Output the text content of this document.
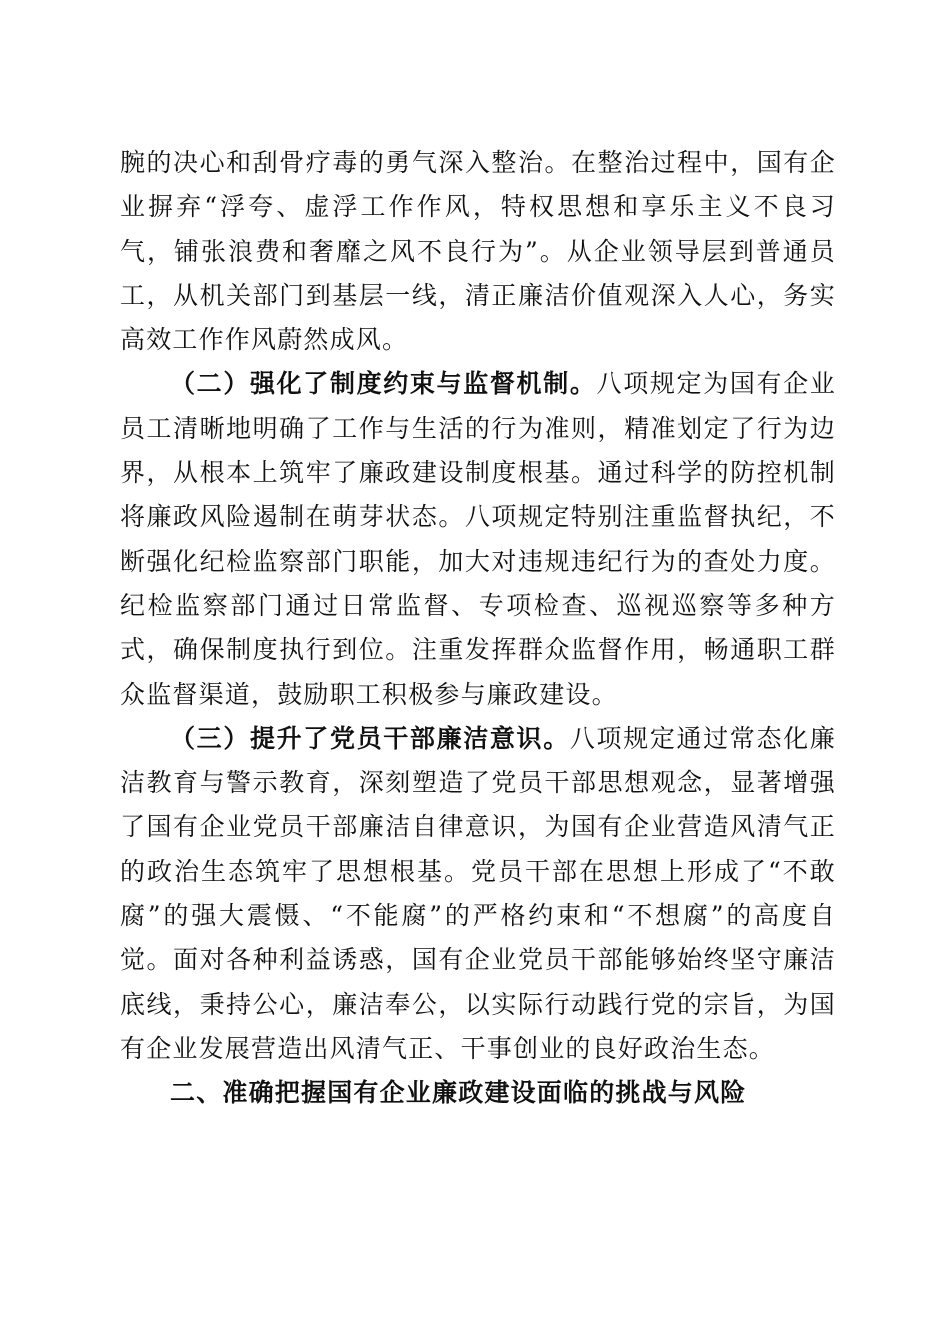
腕的决心和刮骨疗毒的勇气深入整治。在整治过程中，国有企业摒弃“浮夸、虚浮工作作风，特权思想和享乐主义不良习气，铺张浪费和奢靡之风不良行为”。从企业领导层到普通员工，从机关部门到基层一线，清正廉洁价值观深入人心，务实高效工作作风蔚然成风。

（二）强化了制度约束与监督机制。八项规定为国有企业员工清晰地明确了工作与生活的行为准则，精准划定了行为边界，从根本上筑牢了廉政建设制度根基。通过科学的防控机制将廉政风险遏制在萌芽状态。八项规定特别注重监督执纪，不断强化纪检监察部门职能，加大对违规违纪行为的查处力度。纪检监察部门通过日常监督、专项检查、巡视巡察等多种方式，确保制度执行到位。注重发挥群众监督作用，畅通职工群众监督渠道，鼓励职工积极参与廉政建设。

（三）提升了党员干部廉洁意识。八项规定通过常态化廉洁教育与警示教育，深刻塑造了党员干部思想观念，显著增强了国有企业党员干部廉洁自律意识，为国有企业营造风清气正的政治生态筑牢了思想根基。党员干部在思想上形成了“不敢腐”的强大震慑、“不能腐”的严格约束和“不想腐”的高度自觉。面对各种利益诱惑，国有企业党员干部能够始终坚守廉洁底线，秉持公心，廉洁奉公，以实际行动践行党的宗旨，为国有企业发展营造出风清气正、干事创业的良好政治生态。

二、准确把握国有企业廉政建设面临的挑战与风险
